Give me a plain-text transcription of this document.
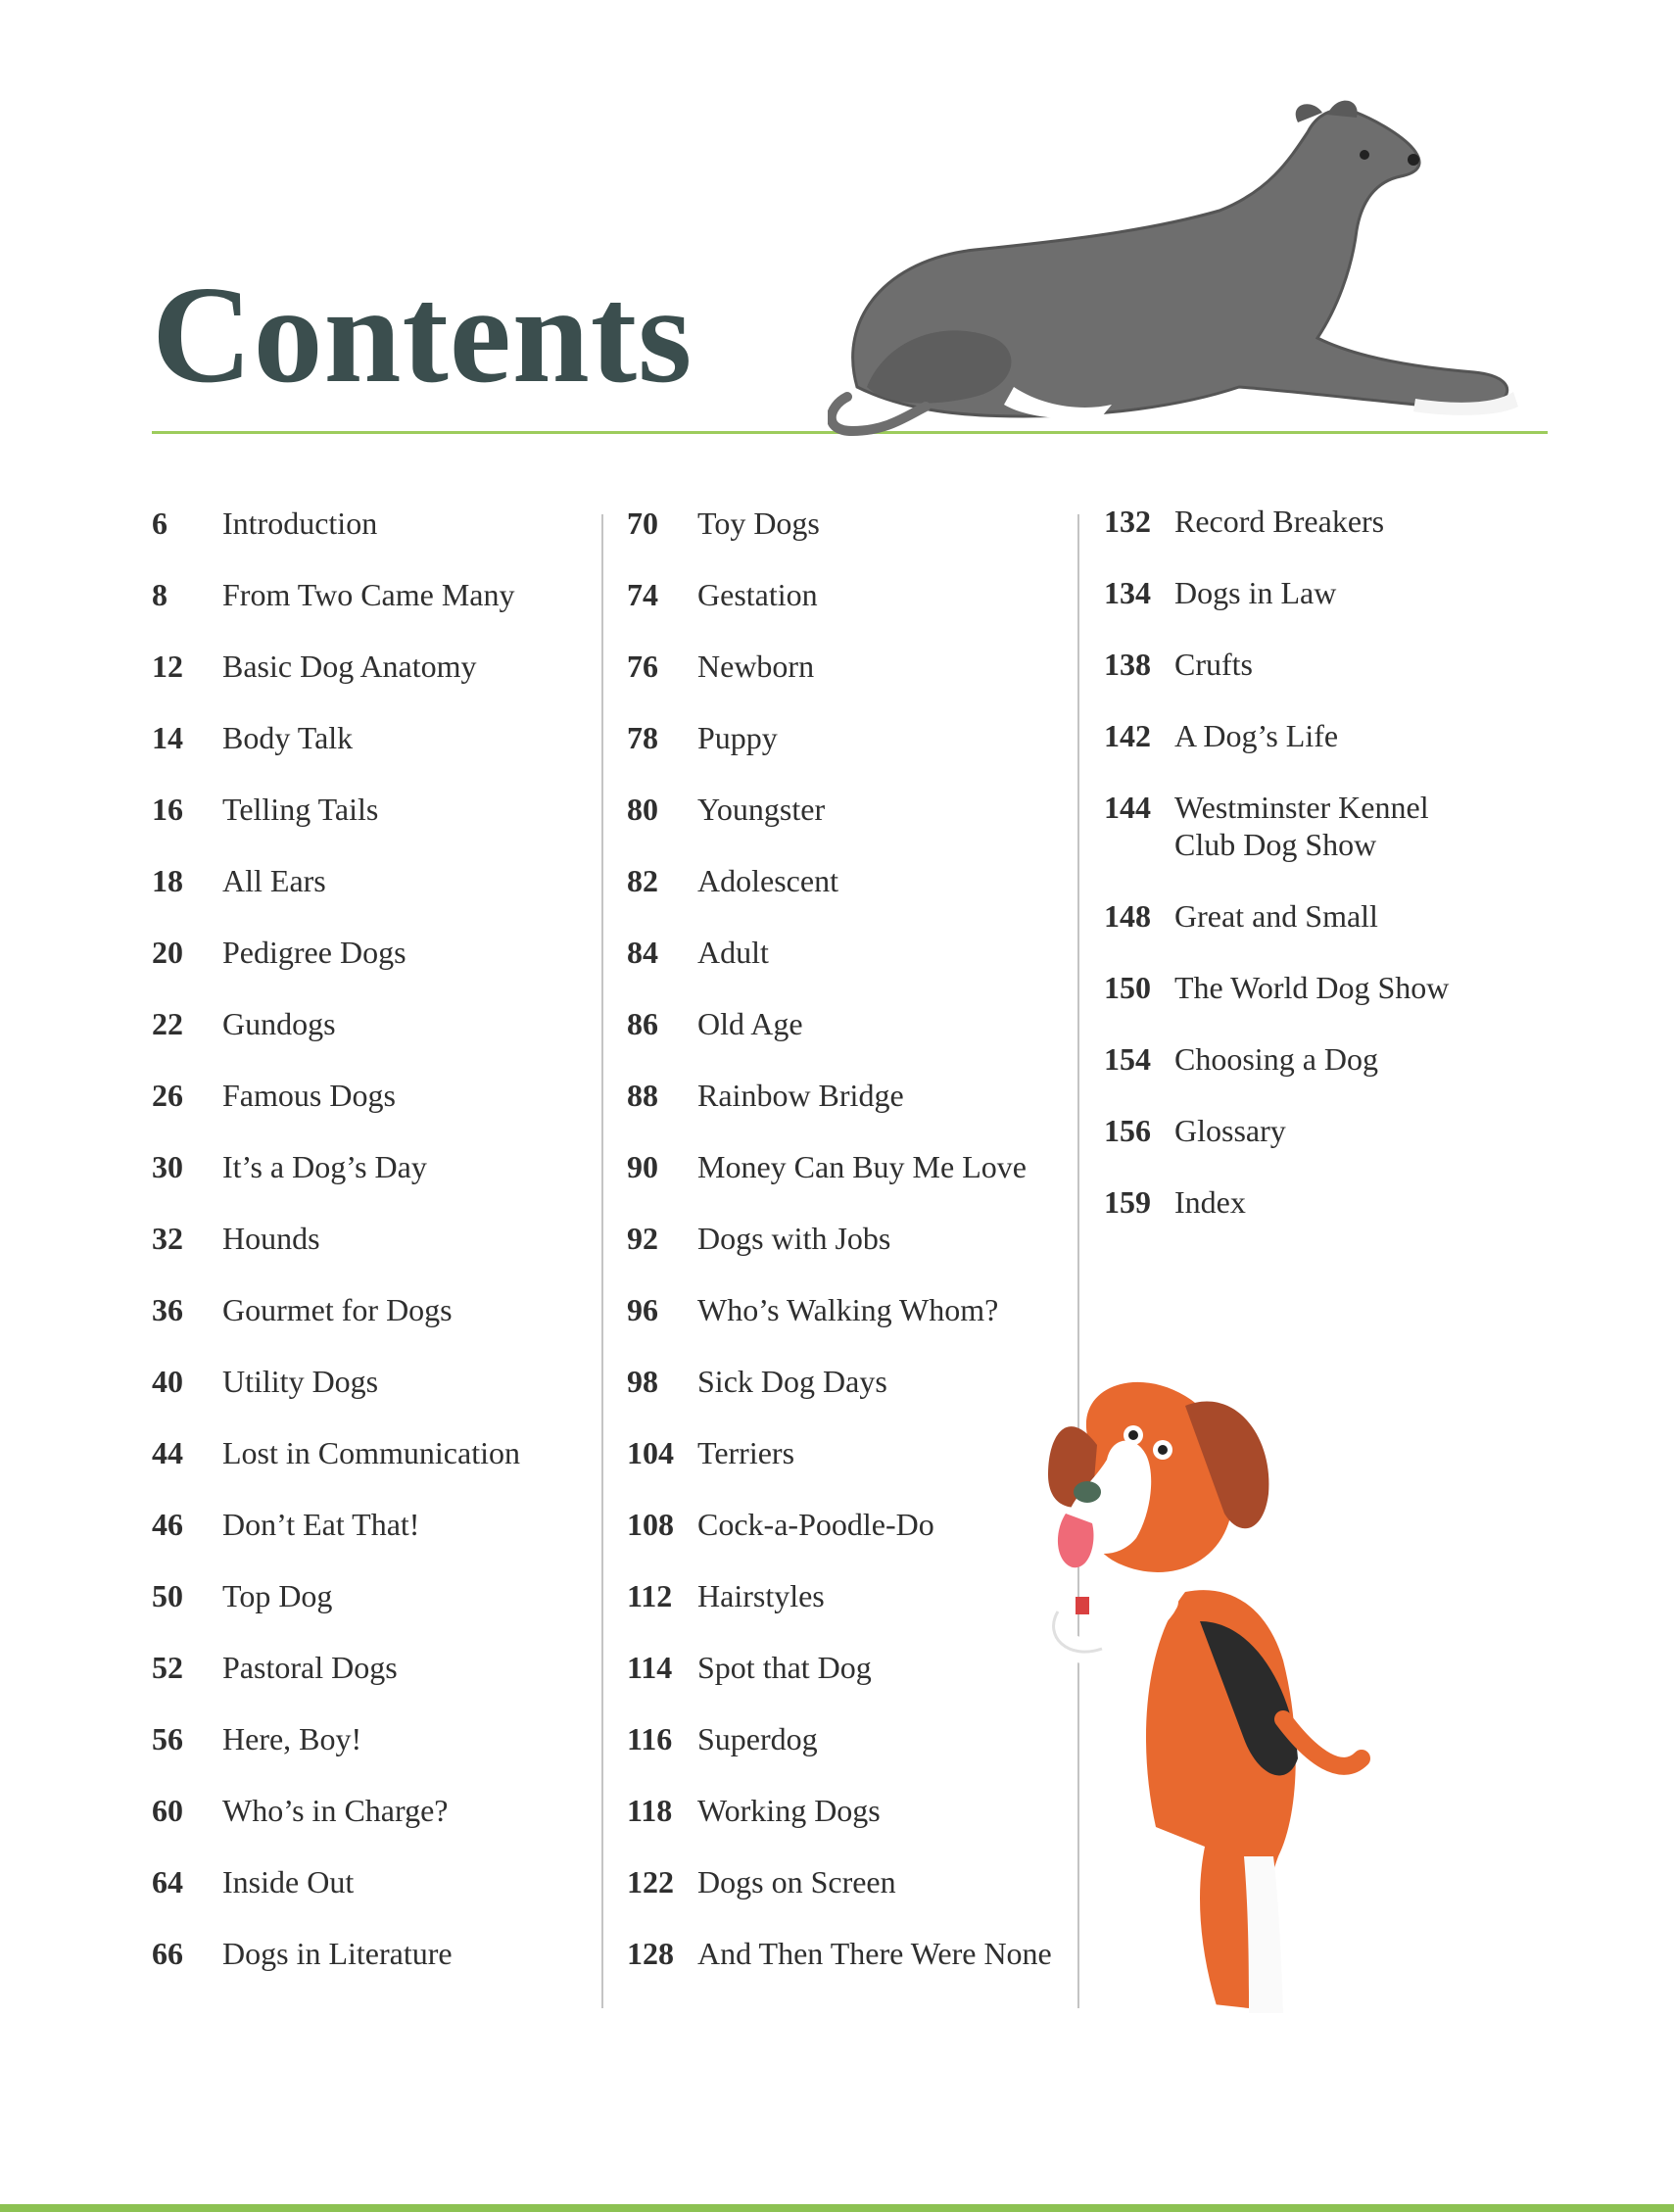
Contents
6	Introduction
8	From Two Came Many
12	Basic Dog Anatomy
14	Body Talk
16	Telling Tails
18	All Ears
20	Pedigree Dogs
22	Gundogs
26	Famous Dogs
30	It’s a Dog’s Day
32	Hounds
36	Gourmet for Dogs
40	Utility Dogs
44	Lost in Communication
46	Don’t Eat That!
50	Top Dog
52	Pastoral Dogs
56	Here, Boy!
60	Who’s in Charge?
64	Inside Out
66	Dogs in Literature
70	Toy Dogs
74	Gestation
76	Newborn
78	Puppy
80	Youngster
82	Adolescent
84	Adult
86	Old Age
88	Rainbow Bridge
90	Money Can Buy Me Love
92	Dogs with Jobs
96	Who’s Walking Whom?
98	Sick Dog Days
104 Terriers
108 Cock-a-Poodle-Do
112 Hairstyles
114 Spot that Dog
116 Superdog
118 Working Dogs
122 Dogs on Screen
128 And Then There Were None
132 Record Breakers
134 Dogs in Law
138 Crufts
142 A Dog’s Life
144 Westminster Kennel Club Dog Show
148 Great and Small
150 The World Dog Show
154 Choosing a Dog
156 Glossary
159 Index
